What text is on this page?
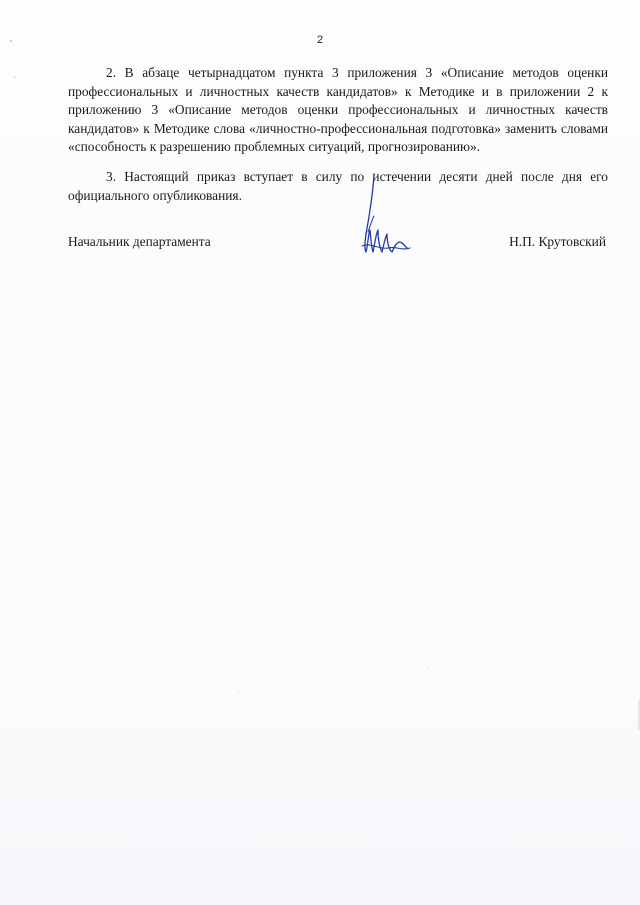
2

2. В абзаце четырнадцатом пункта 3 приложения 3 «Описание методов оценки профессиональных и личностных качеств кандидатов» к Методике и в приложении 2 к приложению 3 «Описание методов оценки профессиональных и личностных качеств кандидатов» к Методике слова «личностно-профессиональная подготовка» заменить словами «способность к разрешению проблемных ситуаций, прогнозированию».

3. Настоящий приказ вступает в силу по истечении десяти дней после дня его официального опубликования.

Начальник департамента	Н.П. Крутовский
